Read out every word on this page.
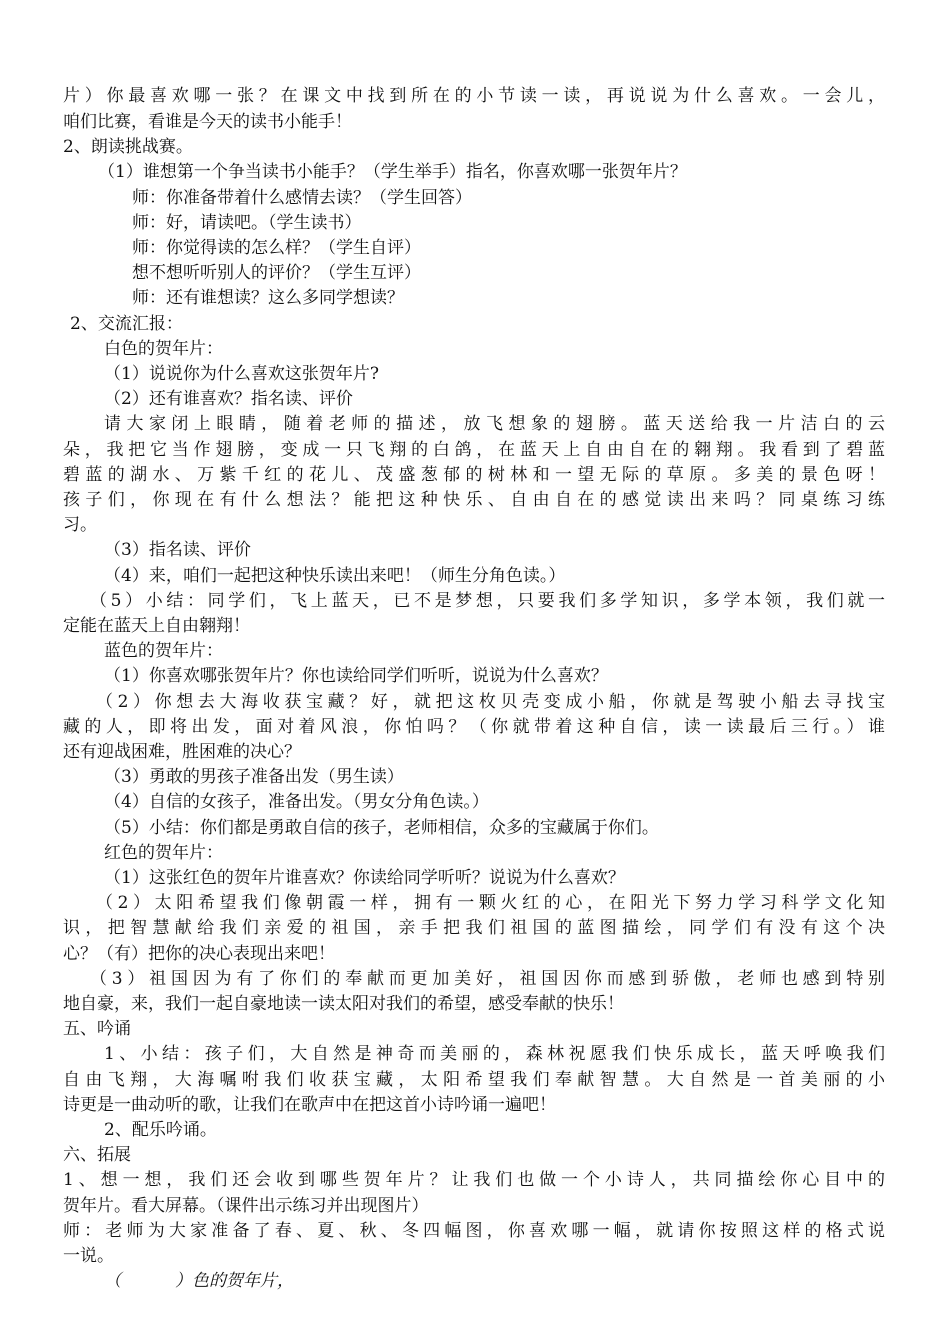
片）你最喜欢哪一张？在课文中找到所在的小节读一读，再说说为什么喜欢。一会儿，
咱们比赛，看谁是今天的读书小能手！
2、朗读挑战赛。
（1）谁想第一个争当读书小能手？（学生举手）指名，你喜欢哪一张贺年片？
师：你准备带着什么感情去读？（学生回答）
师：好，请读吧。（学生读书）
师：你觉得读的怎么样？（学生自评）
想不想听听别人的评价？（学生互评）
师：还有谁想读？这么多同学想读？
2、交流汇报：
白色的贺年片：
（1）说说你为什么喜欢这张贺年片?
（2）还有谁喜欢？指名读、评价
请大家闭上眼睛，随着老师的描述，放飞想象的翅膀。蓝天送给我一片洁白的云
朵，我把它当作翅膀，变成一只飞翔的白鸽，在蓝天上自由自在的翱翔。我看到了碧蓝
碧蓝的湖水、万紫千红的花儿、茂盛葱郁的树林和一望无际的草原。多美的景色呀！
孩子们，你现在有什么想法？能把这种快乐、自由自在的感觉读出来吗？同桌练习练
习。
（3）指名读、评价
（4）来，咱们一起把这种快乐读出来吧！（师生分角色读。）
（5）小结：同学们，飞上蓝天，已不是梦想，只要我们多学知识，多学本领，我们就一
定能在蓝天上自由翱翔！
蓝色的贺年片：
（1）你喜欢哪张贺年片？你也读给同学们听听，说说为什么喜欢？
（2）你想去大海收获宝藏？好，就把这枚贝壳变成小船，你就是驾驶小船去寻找宝
藏的人，即将出发，面对着风浪，你怕吗？（你就带着这种自信，读一读最后三行。）谁
还有迎战困难，胜困难的决心？
（3）勇敢的男孩子准备出发（男生读）
（4）自信的女孩子，准备出发。（男女分角色读。）
（5）小结：你们都是勇敢自信的孩子，老师相信，众多的宝藏属于你们。
红色的贺年片：
（1）这张红色的贺年片谁喜欢？你读给同学听听？说说为什么喜欢？
（2）太阳希望我们像朝霞一样，拥有一颗火红的心，在阳光下努力学习科学文化知
识，把智慧献给我们亲爱的祖国，亲手把我们祖国的蓝图描绘，同学们有没有这个决
心？（有）把你的决心表现出来吧！
（3）祖国因为有了你们的奉献而更加美好，祖国因你而感到骄傲，老师也感到特别
地自豪，来，我们一起自豪地读一读太阳对我们的希望，感受奉献的快乐！
五、吟诵
1、小结：孩子们，大自然是神奇而美丽的，森林祝愿我们快乐成长，蓝天呼唤我们
自由飞翔，大海嘱咐我们收获宝藏，太阳希望我们奉献智慧。大自然是一首美丽的小
诗更是一曲动听的歌，让我们在歌声中在把这首小诗吟诵一遍吧！
2、配乐吟诵。
六、拓展
1、想一想，我们还会收到哪些贺年片？让我们也做一个小诗人，共同描绘你心目中的
贺年片。看大屏幕。（课件出示练习并出现图片）
师：老师为大家准备了春、夏、秋、冬四幅图，你喜欢哪一幅，就请你按照这样的格式说
一说。
（          ）色的贺年片，
